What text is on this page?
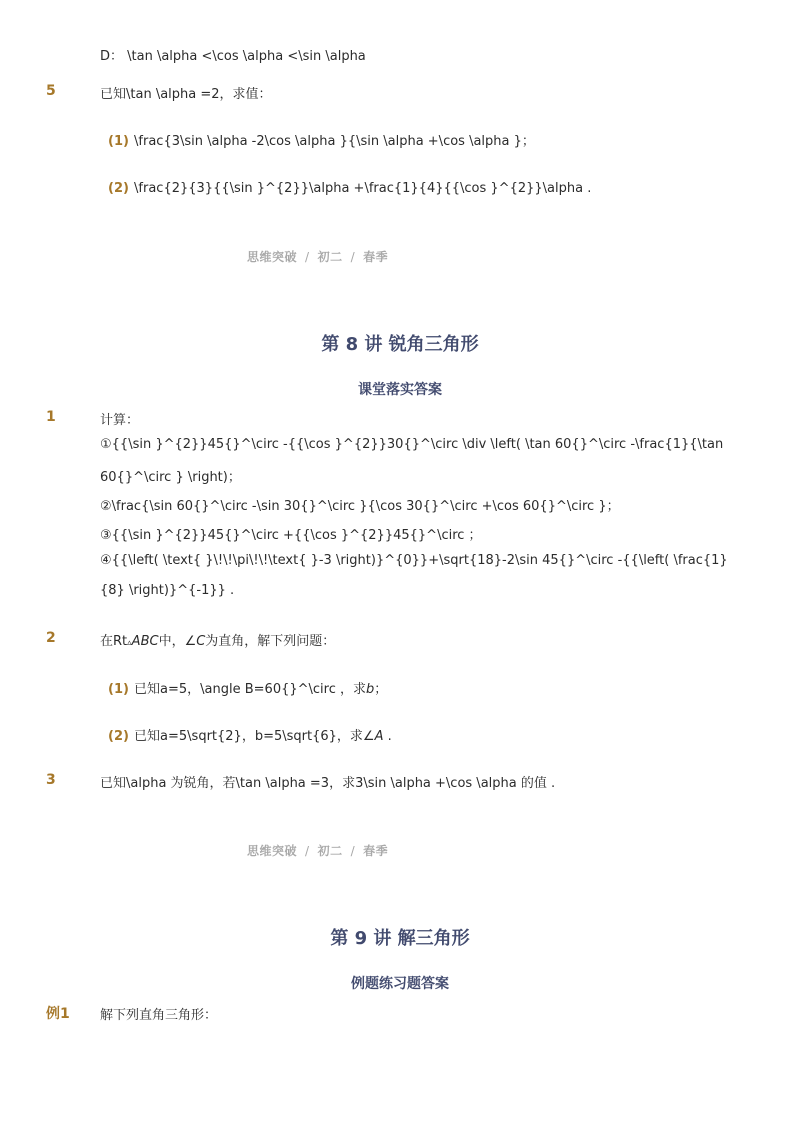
D： \tan \alpha <\cos \alpha <\sin \alpha
5	已知\tan \alpha =2，求值：
(1) \frac{3\sin \alpha -2\cos \alpha }{\sin \alpha +\cos \alpha }；
(2) \frac{2}{3}{{\sin }^{2}}\alpha +\frac{1}{4}{{\cos }^{2}}\alpha .
思维突破 / 初二 / 春季
第 8 讲 锐角三角形
课堂落实答案
1	计算：
①{{\sin }^{2}}45{}^\circ -{{\cos }^{2}}30{}^\circ \div \left( \tan 60{}^\circ -\frac{1}{\tan
60{}^\circ } \right)；
②\frac{\sin 60{}^\circ -\sin 30{}^\circ }{\cos 30{}^\circ +\cos 60{}^\circ }；
③{{\sin }^{2}}45{}^\circ +{{\cos }^{2}}45{}^\circ ；
④{{\left( \text{ }\!\!\pi\!\!\text{ }-3 \right)}^{0}}+\sqrt{18}-2\sin 45{}^\circ -{{\left( \frac{1}
{8} \right)}^{-1}} .
2	在Rt▵ABC中，∠C为直角，解下列问题：
(1) 已知a=5，\angle B=60{}^\circ ，求b；
(2) 已知a=5\sqrt{2}，b=5\sqrt{6}，求∠A .
3	已知\alpha 为锐角，若\tan \alpha =3，求3\sin \alpha +\cos \alpha 的值 .
思维突破 / 初二 / 春季
第 9 讲 解三角形
例题练习题答案
例1 解下列直角三角形：
